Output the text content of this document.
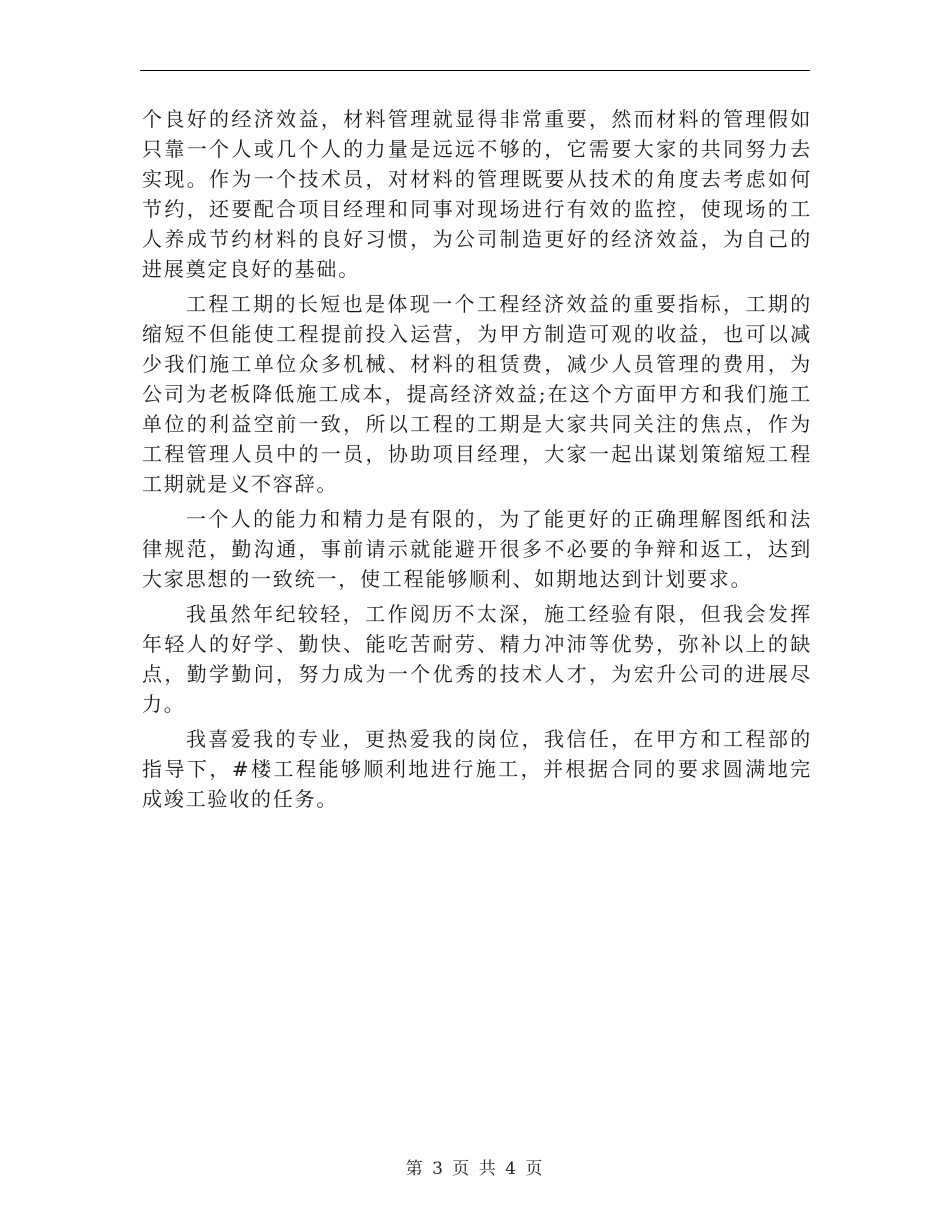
个良好的经济效益，材料管理就显得非常重要，然而材料的管理假如只靠一个人或几个人的力量是远远不够的，它需要大家的共同努力去实现。作为一个技术员，对材料的管理既要从技术的角度去考虑如何节约，还要配合项目经理和同事对现场进行有效的监控，使现场的工人养成节约材料的良好习惯，为公司制造更好的经济效益，为自己的进展奠定良好的基础。

工程工期的长短也是体现一个工程经济效益的重要指标，工期的缩短不但能使工程提前投入运营，为甲方制造可观的收益，也可以减少我们施工单位众多机械、材料的租赁费，减少人员管理的费用，为公司为老板降低施工成本，提高经济效益;在这个方面甲方和我们施工单位的利益空前一致，所以工程的工期是大家共同关注的焦点，作为工程管理人员中的一员，协助项目经理，大家一起出谋划策缩短工程工期就是义不容辞。

一个人的能力和精力是有限的，为了能更好的正确理解图纸和法律规范，勤沟通，事前请示就能避开很多不必要的争辩和返工，达到大家思想的一致统一，使工程能够顺利、如期地达到计划要求。

我虽然年纪较轻，工作阅历不太深，施工经验有限，但我会发挥年轻人的好学、勤快、能吃苦耐劳、精力冲沛等优势，弥补以上的缺点，勤学勤问，努力成为一个优秀的技术人才，为宏升公司的进展尽力。

我喜爱我的专业，更热爱我的岗位，我信任，在甲方和工程部的指导下，#楼工程能够顺利地进行施工，并根据合同的要求圆满地完成竣工验收的任务。

第 3 页 共 4 页
